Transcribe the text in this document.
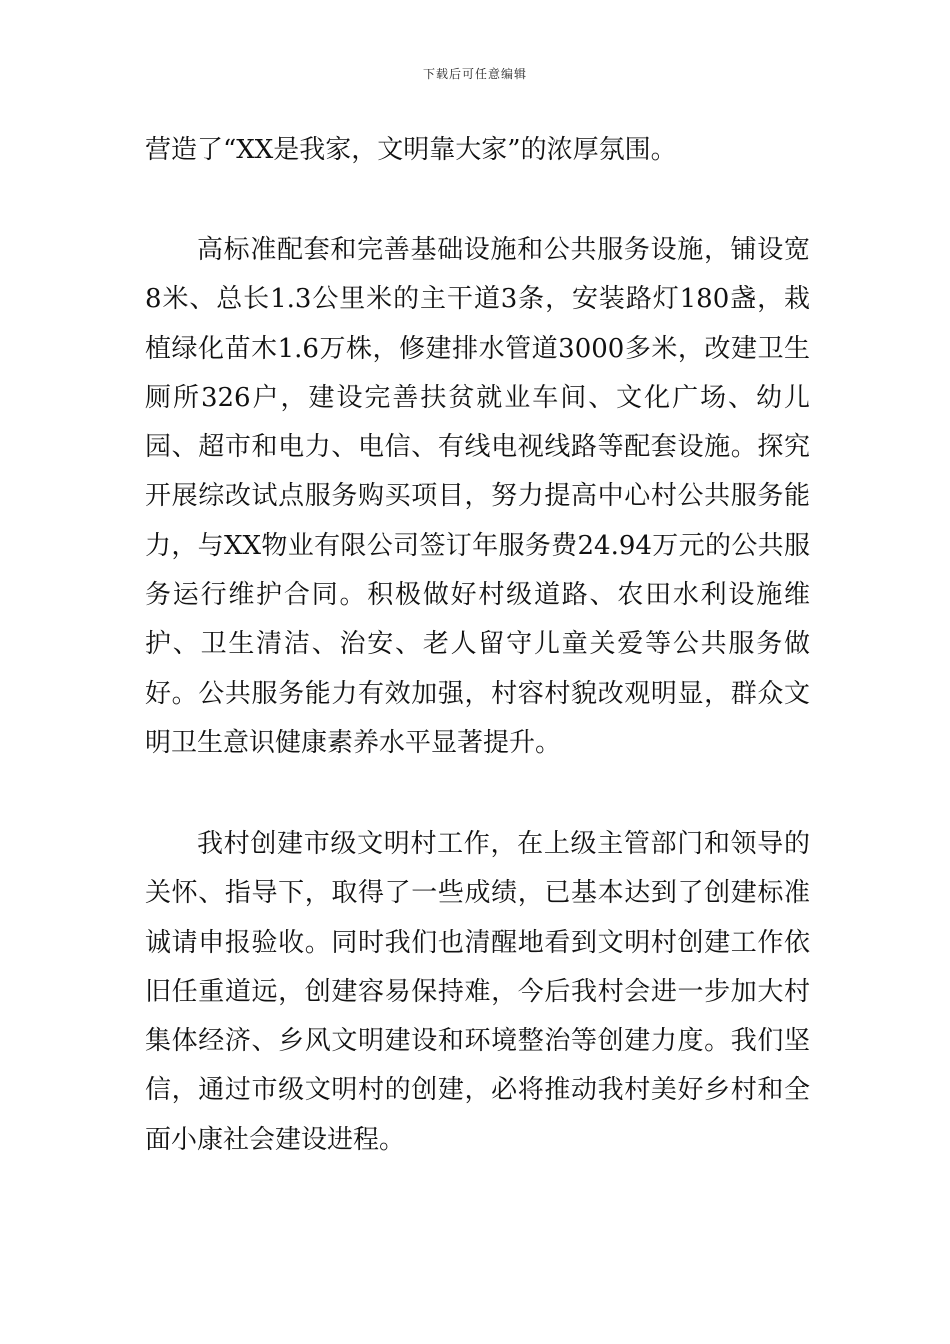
下载后可任意编辑

营造了“XX是我家，文明靠大家”的浓厚氛围。

高标准配套和完善基础设施和公共服务设施，铺设宽8米、总长1.3公里米的主干道3条，安装路灯180盏，栽植绿化苗木1.6万株，修建排水管道3000多米，改建卫生厕所326户，建设完善扶贫就业车间、文化广场、幼儿园、超市和电力、电信、有线电视线路等配套设施。探究开展综改试点服务购买项目，努力提高中心村公共服务能力，与XX物业有限公司签订年服务费24.94万元的公共服务运行维护合同。积极做好村级道路、农田水利设施维护、卫生清洁、治安、老人留守儿童关爱等公共服务做好。公共服务能力有效加强，村容村貌改观明显，群众文明卫生意识健康素养水平显著提升。

我村创建市级文明村工作，在上级主管部门和领导的关怀、指导下，取得了一些成绩，已基本达到了创建标准诚请申报验收。同时我们也清醒地看到文明村创建工作依旧任重道远，创建容易保持难，今后我村会进一步加大村集体经济、乡风文明建设和环境整治等创建力度。我们坚信，通过市级文明村的创建，必将推动我村美好乡村和全面小康社会建设进程。
